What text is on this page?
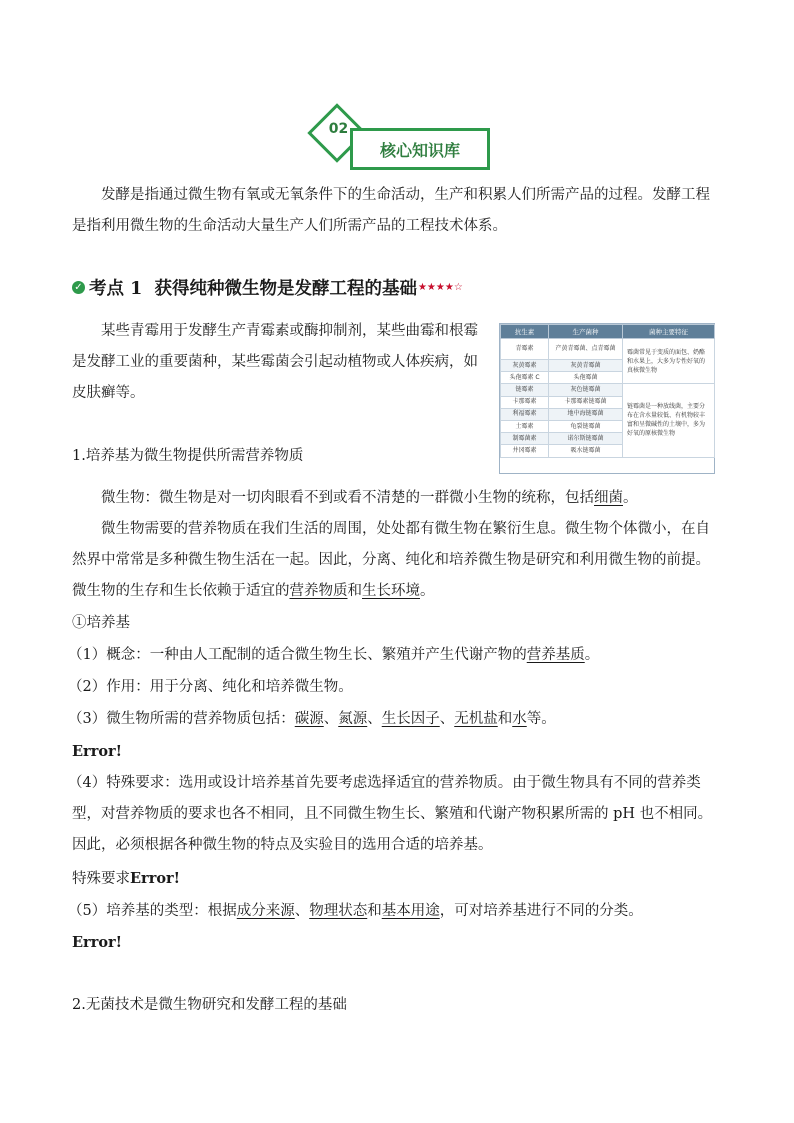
02
核心知识库
发酵是指通过微生物有氧或无氧条件下的生命活动，生产和积累人们所需产品的过程。发酵工程
是指利用微生物的生命活动大量生产人们所需产品的工程技术体系。
✓ 考点 1  获得纯种微生物是发酵工程的基础 ★★★★☆
某些青霉用于发酵生产青霉素或酶抑制剂，某些曲霉和根霉
是发酵工业的重要菌种，某些霉菌会引起动植物或人体疾病，如
皮肤癣等。
抗生素	生产菌种	菌种主要特征
青霉素	产黄青霉菌、点青霉菌	霉菌常见于变质的面包、奶酪和水果上，大多为专性好氧的真核微生物
灰黄霉素	灰黄青霉菌	
头孢霉素 C	头孢霉菌	
链霉素	灰色链霉菌	链霉菌是一种放线菌，主要分布在含水量较低、有机物较丰富和呈微碱性的土壤中，多为好氧的原核微生物
卡那霉素	卡那霉素链霉菌	
利福霉素	地中海链霉菌	
土霉素	龟裂链霉菌	
制霉菌素	诺尔斯链霉菌	
井冈霉素	吸水链霉菌	
1.培养基为微生物提供所需营养物质
微生物：微生物是对一切肉眼看不到或看不清楚的一群微小生物的统称，包括细菌。
微生物需要的营养物质在我们生活的周围，处处都有微生物在繁衍生息。微生物个体微小，在自
然界中常常是多种微生物生活在一起。因此，分离、纯化和培养微生物是研究和利用微生物的前提。
微生物的生存和生长依赖于适宜的营养物质和生长环境。
①培养基
（1）概念：一种由人工配制的适合微生物生长、繁殖并产生代谢产物的营养基质。
（2）作用：用于分离、纯化和培养微生物。
（3）微生物所需的营养物质包括：碳源、氮源、生长因子、无机盐和水等。
Error!
（4）特殊要求：选用或设计培养基首先要考虑选择适宜的营养物质。由于微生物具有不同的营养类
型，对营养物质的要求也各不相同，且不同微生物生长、繁殖和代谢产物积累所需的 pH 也不相同。
因此，必须根据各种微生物的特点及实验目的选用合适的培养基。
特殊要求Error!
（5）培养基的类型：根据成分来源、物理状态和基本用途，可对培养基进行不同的分类。
Error!
2.无菌技术是微生物研究和发酵工程的基础
